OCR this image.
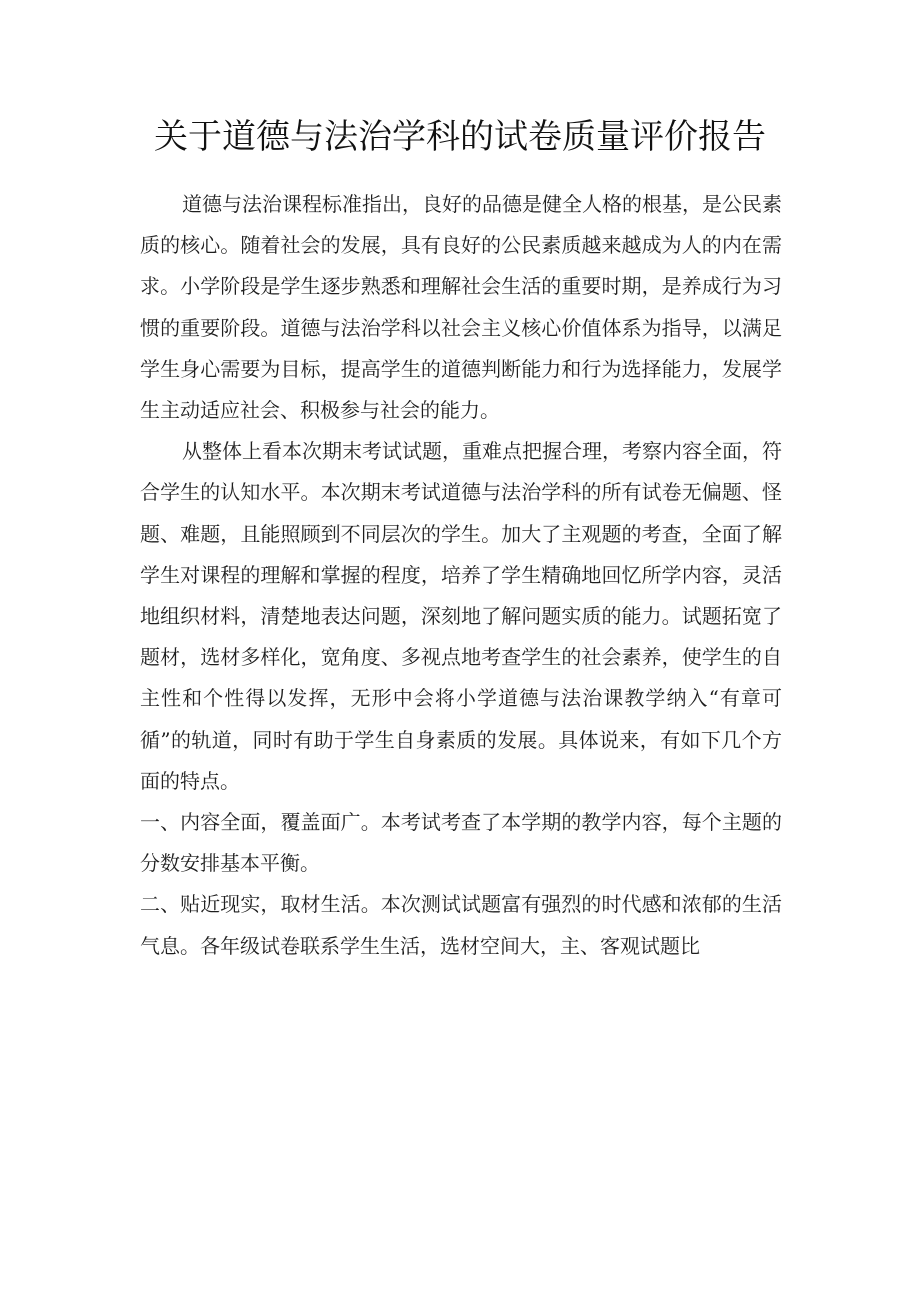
关于道德与法治学科的试卷质量评价报告

道德与法治课程标准指出，良好的品德是健全人格的根基，是公民素质的核心。随着社会的发展，具有良好的公民素质越来越成为人的内在需求。小学阶段是学生逐步熟悉和理解社会生活的重要时期，是养成行为习惯的重要阶段。道德与法治学科以社会主义核心价值体系为指导，以满足学生身心需要为目标，提高学生的道德判断能力和行为选择能力，发展学生主动适应社会、积极参与社会的能力。

从整体上看本次期末考试试题，重难点把握合理，考察内容全面，符合学生的认知水平。本次期末考试道德与法治学科的所有试卷无偏题、怪题、难题，且能照顾到不同层次的学生。加大了主观题的考查，全面了解学生对课程的理解和掌握的程度，培养了学生精确地回忆所学内容，灵活地组织材料，清楚地表达问题，深刻地了解问题实质的能力。试题拓宽了题材，选材多样化，宽角度、多视点地考查学生的社会素养，使学生的自主性和个性得以发挥，无形中会将小学道德与法治课教学纳入“有章可循”的轨道，同时有助于学生自身素质的发展。具体说来，有如下几个方面的特点。

一、内容全面，覆盖面广。本考试考查了本学期的教学内容，每个主题的分数安排基本平衡。

二、贴近现实，取材生活。本次测试试题富有强烈的时代感和浓郁的生活气息。各年级试卷联系学生生活，选材空间大，主、客观试题比
